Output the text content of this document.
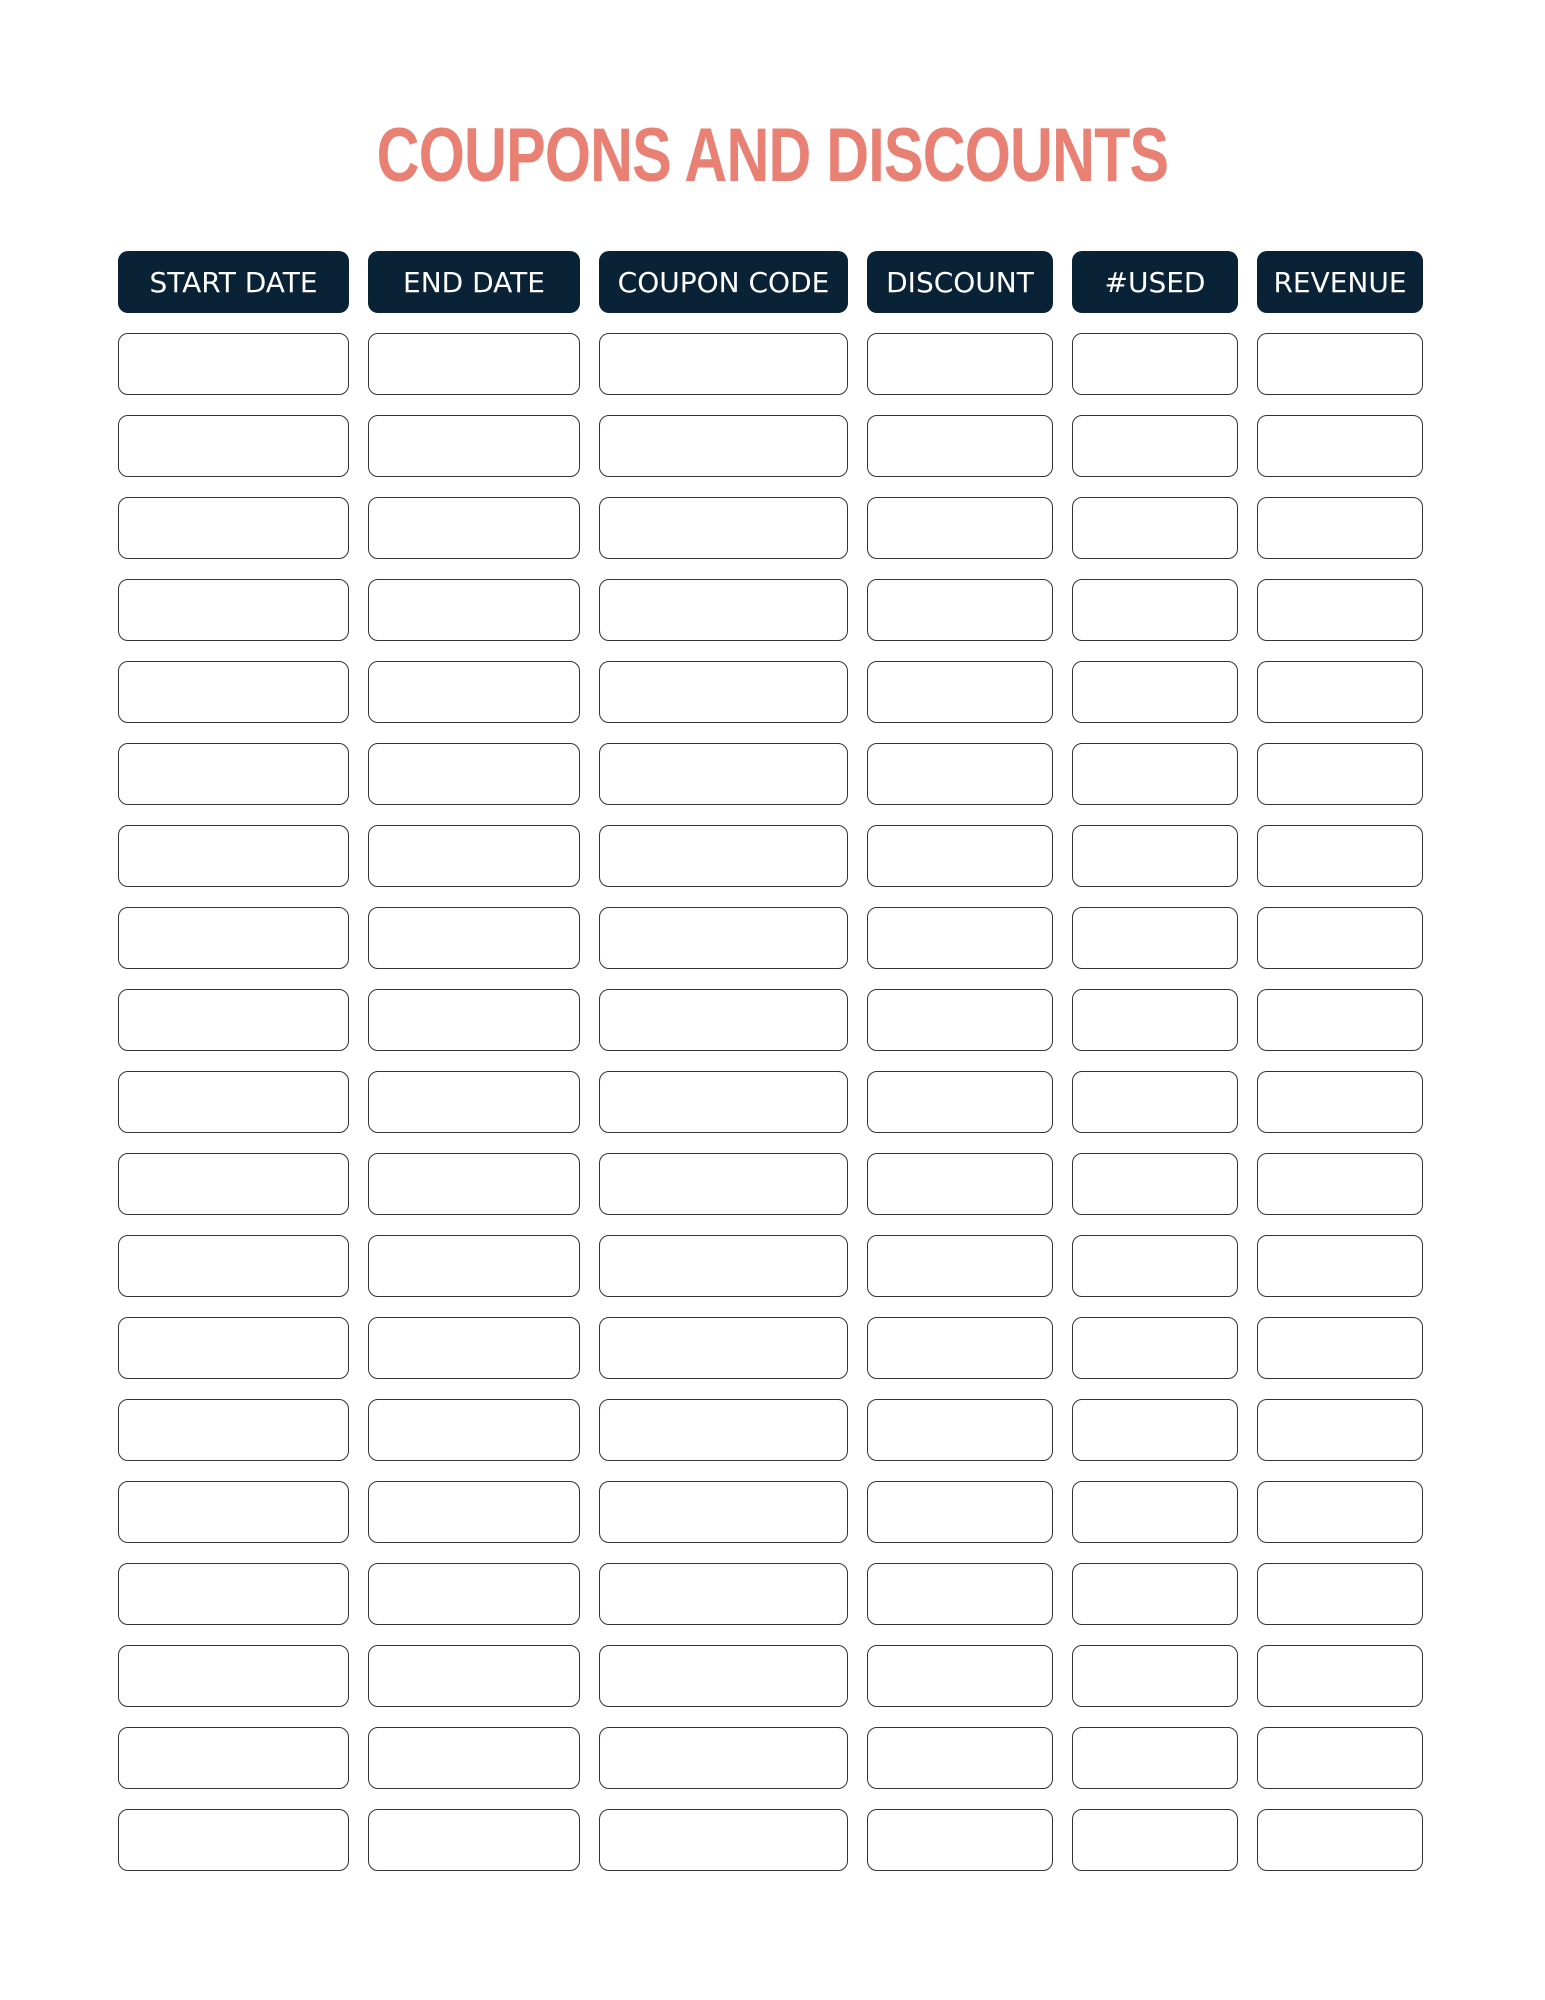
COUPONS AND DISCOUNTS
START DATE	END DATE	COUPON CODE	DISCOUNT	#USED	REVENUE
